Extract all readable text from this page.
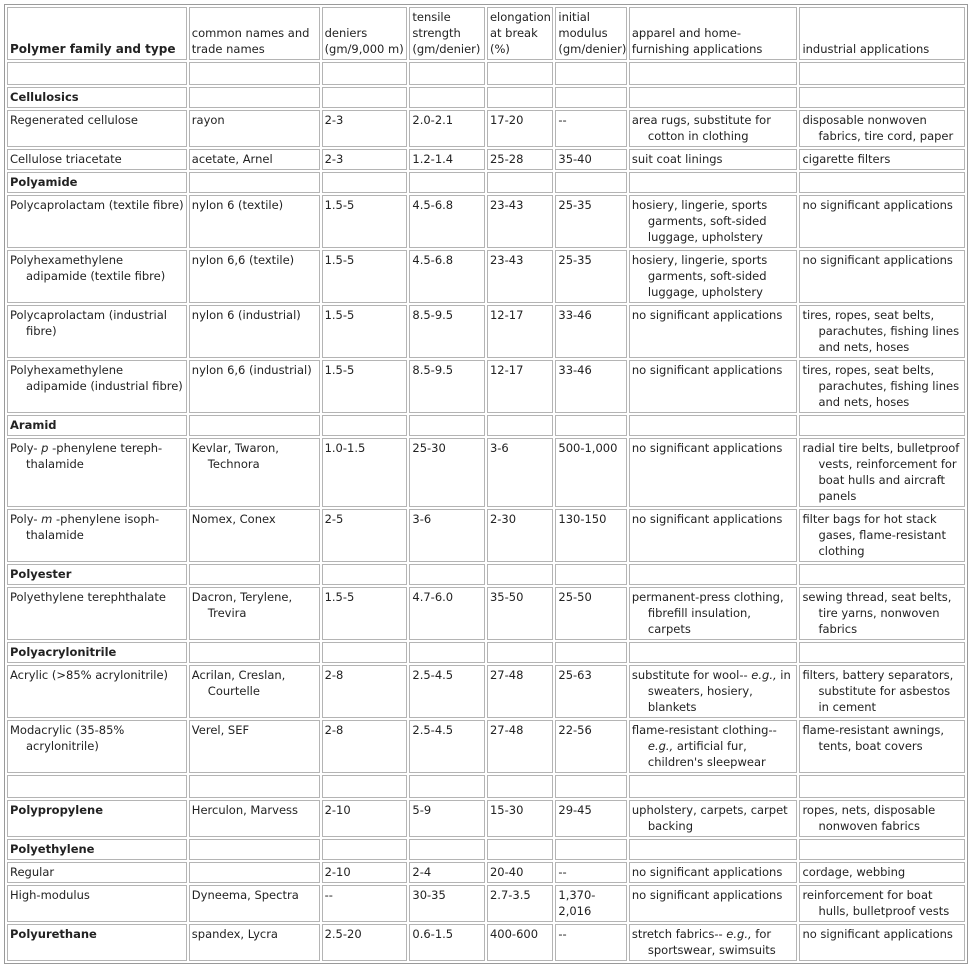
Polymer family and type	common names and trade names	deniers (gm/9,000 m)	tensile strength (gm/denier)	elongation at break (%)	initial modulus (gm/denier)	apparel and home-furnishing applications	industrial applications

Cellulosics							
Regenerated cellulose	rayon	2-3	2.0-2.1	17-20	--	area rugs, substitute for cotton in clothing	disposable nonwoven fabrics, tire cord, paper
Cellulose triacetate	acetate, Arnel	2-3	1.2-1.4	25-28	35-40	suit coat linings	cigarette filters
Polyamide							
Polycaprolactam (textile fibre)	nylon 6 (textile)	1.5-5	4.5-6.8	23-43	25-35	hosiery, lingerie, sports garments, soft-sided luggage, upholstery	no significant applications
Polyhexamethylene adipamide (textile fibre)	nylon 6,6 (textile)	1.5-5	4.5-6.8	23-43	25-35	hosiery, lingerie, sports garments, soft-sided luggage, upholstery	no significant applications
Polycaprolactam (industrial fibre)	nylon 6 (industrial)	1.5-5	8.5-9.5	12-17	33-46	no significant applications	tires, ropes, seat belts, parachutes, fishing lines and nets, hoses
Polyhexamethylene adipamide (industrial fibre)	nylon 6,6 (industrial)	1.5-5	8.5-9.5	12-17	33-46	no significant applications	tires, ropes, seat belts, parachutes, fishing lines and nets, hoses
Aramid							
Poly- p -phenylene tereph-thalamide	Kevlar, Twaron, Technora	1.0-1.5	25-30	3-6	500-1,000	no significant applications	radial tire belts, bulletproof vests, reinforcement for boat hulls and aircraft panels
Poly- m -phenylene isoph-thalamide	Nomex, Conex	2-5	3-6	2-30	130-150	no significant applications	filter bags for hot stack gases, flame-resistant clothing
Polyester							
Polyethylene terephthalate	Dacron, Terylene, Trevira	1.5-5	4.7-6.0	35-50	25-50	permanent-press clothing, fibrefill insulation, carpets	sewing thread, seat belts, tire yarns, nonwoven fabrics
Polyacrylonitrile							
Acrylic (>85% acrylonitrile)	Acrilan, Creslan, Courtelle	2-8	2.5-4.5	27-48	25-63	substitute for wool-- e.g., in sweaters, hosiery, blankets	filters, battery separators, substitute for asbestos in cement
Modacrylic (35-85% acrylonitrile)	Verel, SEF	2-8	2.5-4.5	27-48	22-56	flame-resistant clothing-- e.g., artificial fur, children's sleepwear	flame-resistant awnings, tents, boat covers

Polypropylene	Herculon, Marvess	2-10	5-9	15-30	29-45	upholstery, carpets, carpet backing	ropes, nets, disposable nonwoven fabrics
Polyethylene							
Regular		2-10	2-4	20-40	--	no significant applications	cordage, webbing
High-modulus	Dyneema, Spectra	--	30-35	2.7-3.5	1,370-2,016	no significant applications	reinforcement for boat hulls, bulletproof vests
Polyurethane	spandex, Lycra	2.5-20	0.6-1.5	400-600	--	stretch fabrics-- e.g., for sportswear, swimsuits	no significant applications
